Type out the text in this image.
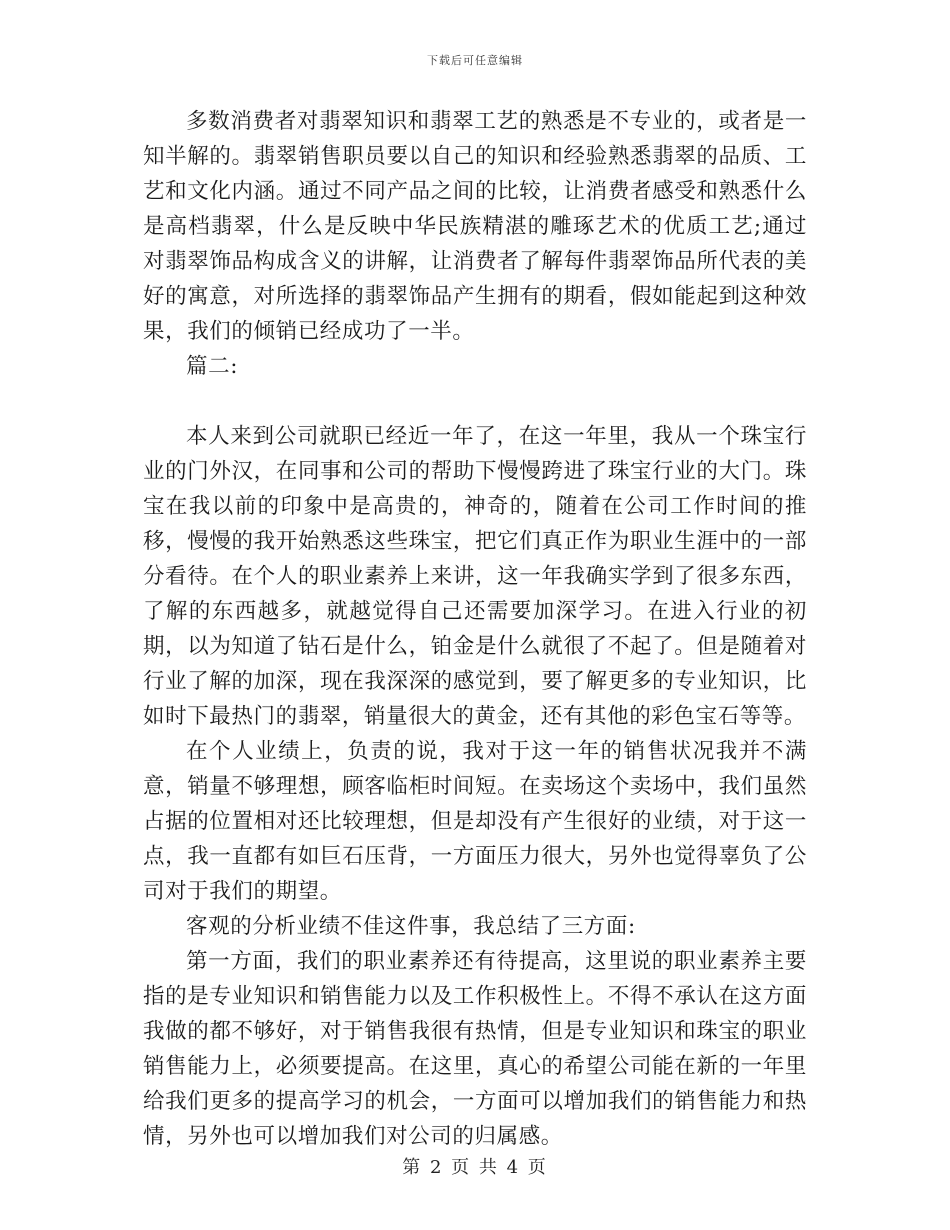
下载后可任意编辑

多数消费者对翡翠知识和翡翠工艺的熟悉是不专业的，或者是一知半解的。翡翠销售职员要以自己的知识和经验熟悉翡翠的品质、工艺和文化内涵。通过不同产品之间的比较，让消费者感受和熟悉什么是高档翡翠，什么是反映中华民族精湛的雕琢艺术的优质工艺;通过对翡翠饰品构成含义的讲解，让消费者了解每件翡翠饰品所代表的美好的寓意，对所选择的翡翠饰品产生拥有的期看，假如能起到这种效果，我们的倾销已经成功了一半。

篇二:

本人来到公司就职已经近一年了，在这一年里，我从一个珠宝行业的门外汉，在同事和公司的帮助下慢慢跨进了珠宝行业的大门。珠宝在我以前的印象中是高贵的，神奇的，随着在公司工作时间的推移，慢慢的我开始熟悉这些珠宝，把它们真正作为职业生涯中的一部分看待。在个人的职业素养上来讲，这一年我确实学到了很多东西，了解的东西越多，就越觉得自己还需要加深学习。在进入行业的初期，以为知道了钻石是什么，铂金是什么就很了不起了。但是随着对行业了解的加深，现在我深深的感觉到，要了解更多的专业知识，比如时下最热门的翡翠，销量很大的黄金，还有其他的彩色宝石等等。

在个人业绩上，负责的说，我对于这一年的销售状况我并不满意，销量不够理想，顾客临柜时间短。在卖场这个卖场中，我们虽然占据的位置相对还比较理想，但是却没有产生很好的业绩，对于这一点，我一直都有如巨石压背，一方面压力很大，另外也觉得辜负了公司对于我们的期望。

客观的分析业绩不佳这件事，我总结了三方面:

第一方面，我们的职业素养还有待提高，这里说的职业素养主要指的是专业知识和销售能力以及工作积极性上。不得不承认在这方面我做的都不够好，对于销售我很有热情，但是专业知识和珠宝的职业销售能力上，必须要提高。在这里，真心的希望公司能在新的一年里给我们更多的提高学习的机会，一方面可以增加我们的销售能力和热情，另外也可以增加我们对公司的归属感。

第 2 页 共 4 页
